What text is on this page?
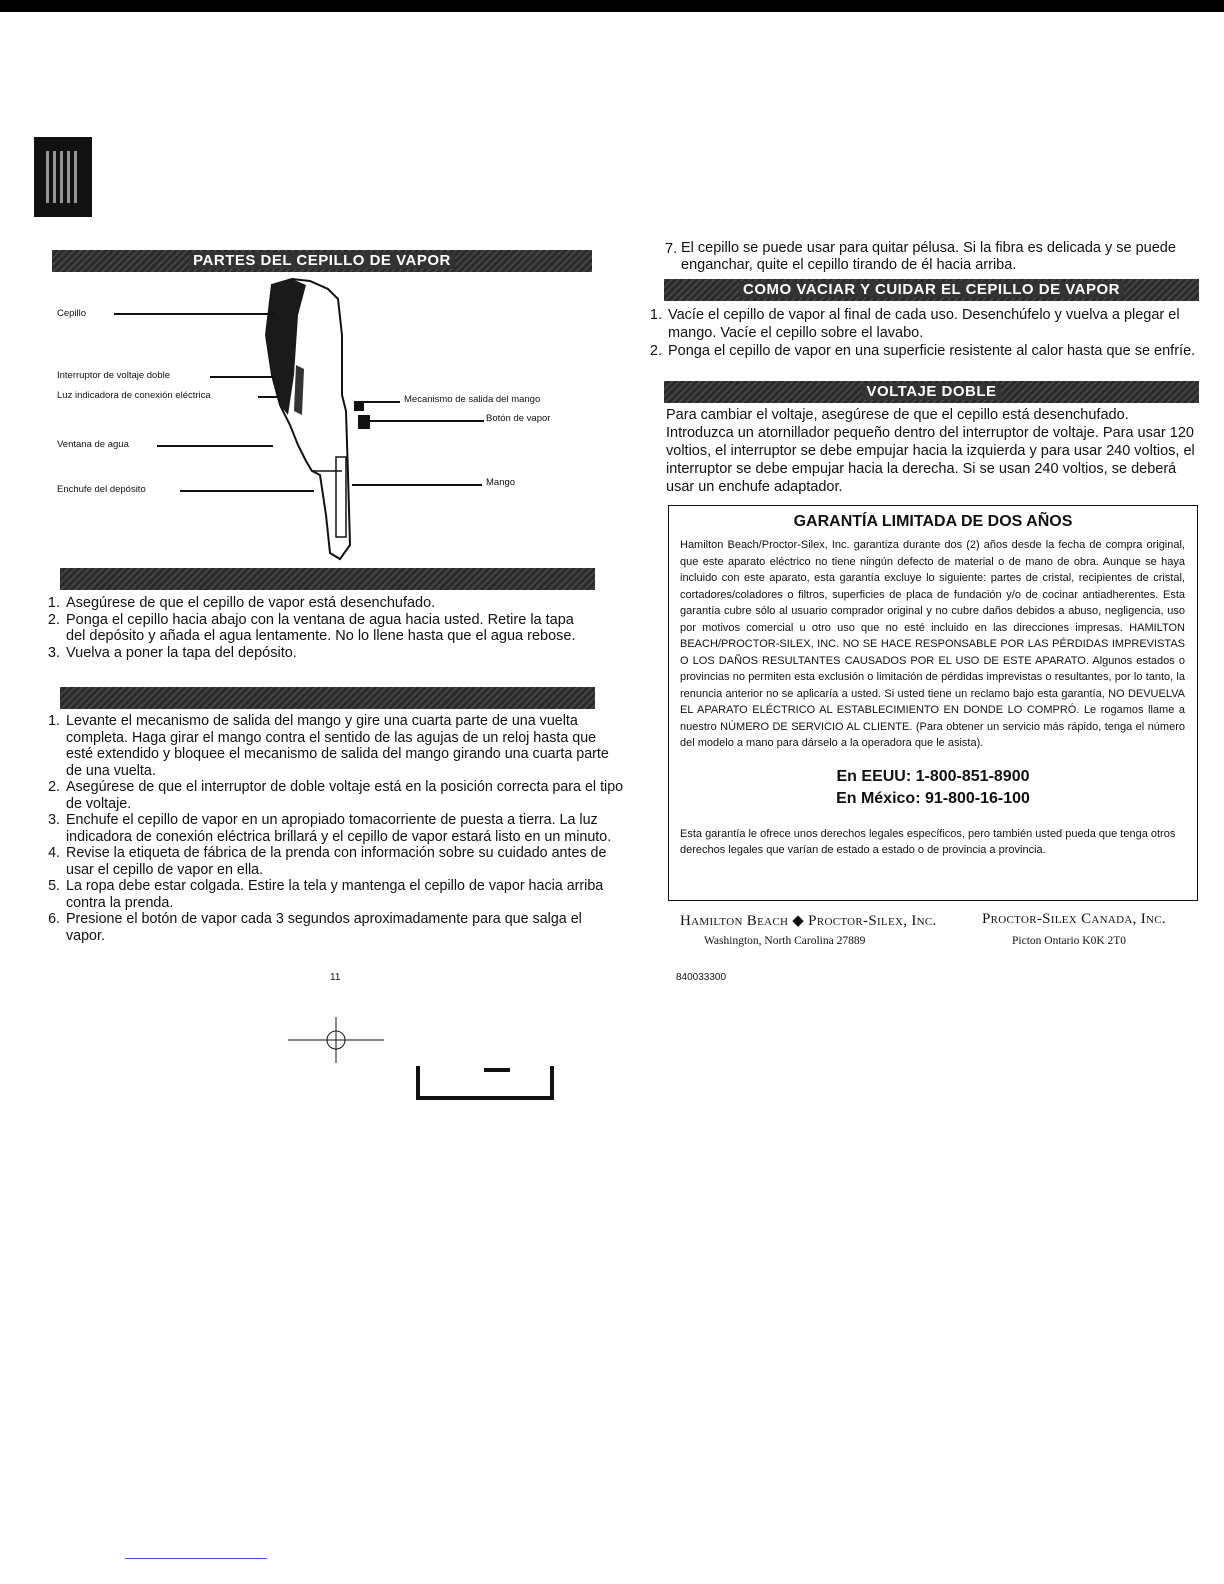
PARTES DEL CEPILLO DE VAPOR
Cepillo
Interruptor de voltaje doble
Luz indicadora de conexión eléctrica
Ventana de agua
Enchufe del depósito
Mecanismo de salida del mango
Botón de vapor
Mango
1. Asegúrese de que el cepillo de vapor está desenchufado.
2. Ponga el cepillo hacia abajo con la ventana de agua hacia usted. Retire la tapa del depósito y añada el agua lentamente. No lo llene hasta que el agua rebose.
3. Vuelva a poner la tapa del depósito.
1. Levante el mecanismo de salida del mango y gire una cuarta parte de una vuelta completa. Haga girar el mango contra el sentido de las agujas de un reloj hasta que esté extendido y bloquee el mecanismo de salida del mango girando una cuarta parte de una vuelta.
2. Asegúrese de que el interruptor de doble voltaje está en la posición correcta para el tipo de voltaje.
3. Enchufe el cepillo de vapor en un apropiado tomacorriente de puesta a tierra. La luz indicadora de conexión eléctrica brillará y el cepillo de vapor estará listo en un minuto.
4. Revise la etiqueta de fábrica de la prenda con información sobre su cuidado antes de usar el cepillo de vapor en ella.
5. La ropa debe estar colgada. Estire la tela y mantenga el cepillo de vapor hacia arriba contra la prenda.
6. Presione el botón de vapor cada 3 segundos aproximadamente para que salga el vapor.
11
7. El cepillo se puede usar para quitar pélusa. Si la fibra es delicada y se puede enganchar, quite el cepillo tirando de él hacia arriba.
COMO VACIAR Y CUIDAR EL CEPILLO DE VAPOR
1. Vacíe el cepillo de vapor al final de cada uso. Desenchúfelo y vuelva a plegar el mango. Vacíe el cepillo sobre el lavabo.
2. Ponga el cepillo de vapor en una superficie resistente al calor hasta que se enfríe.
VOLTAJE DOBLE
Para cambiar el voltaje, asegúrese de que el cepillo está desenchufado. Introduzca un atornillador pequeño dentro del interruptor de voltaje. Para usar 120 voltios, el interruptor se debe empujar hacia la izquierda y para usar 240 voltios, el interruptor se debe empujar hacia la derecha. Si se usan 240 voltios, se deberá usar un enchufe adaptador.
GARANTÍA LIMITADA DE DOS AÑOS
Hamilton Beach/Proctor-Silex, Inc. garantiza durante dos (2) años desde la fecha de compra original, que este aparato eléctrico no tiene ningún defecto de material o de mano de obra. Aunque se haya incluido con este aparato, esta garantía excluye lo siguiente: partes de cristal, recipientes de cristal, cortadores/coladores o filtros, superficies de placa de fundación y/o de cocinar antiadherentes. Esta garantía cubre sólo al usuario comprador original y no cubre daños debidos a abuso, negligencia, uso por motivos comercial u otro uso que no esté incluido en las direcciones impresas. HAMILTON BEACH/PROCTOR-SILEX, INC. NO SE HACE RESPONSABLE POR LAS PÉRDIDAS IMPREVISTAS O LOS DAÑOS RESULTANTES CAUSADOS POR EL USO DE ESTE APARATO. Algunos estados o provincias no permiten esta exclusión o limitación de pérdidas imprevistas o resultantes, por lo tanto, la renuncia anterior no se aplicaría a usted. Si usted tiene un reclamo bajo esta garantía, NO DEVUELVA EL APARATO ELÉCTRICO AL ESTABLECIMIENTO EN DONDE LO COMPRÓ. Le rogamos llame a nuestro NÚMERO DE SERVICIO AL CLIENTE. (Para obtener un servicio más rápido, tenga el número del modelo a mano para dárselo a la operadora que le asista).
En EEUU: 1-800-851-8900
En México: 91-800-16-100
Esta garantía le ofrece unos derechos legales específicos, pero también usted pueda que tenga otros derechos legales que varían de estado a estado o de provincia a provincia.
Hamilton Beach ◆ Proctor-Silex, Inc.
Washington, North Carolina 27889
Proctor-Silex Canada, Inc.
Picton Ontario K0K 2T0
840033300
